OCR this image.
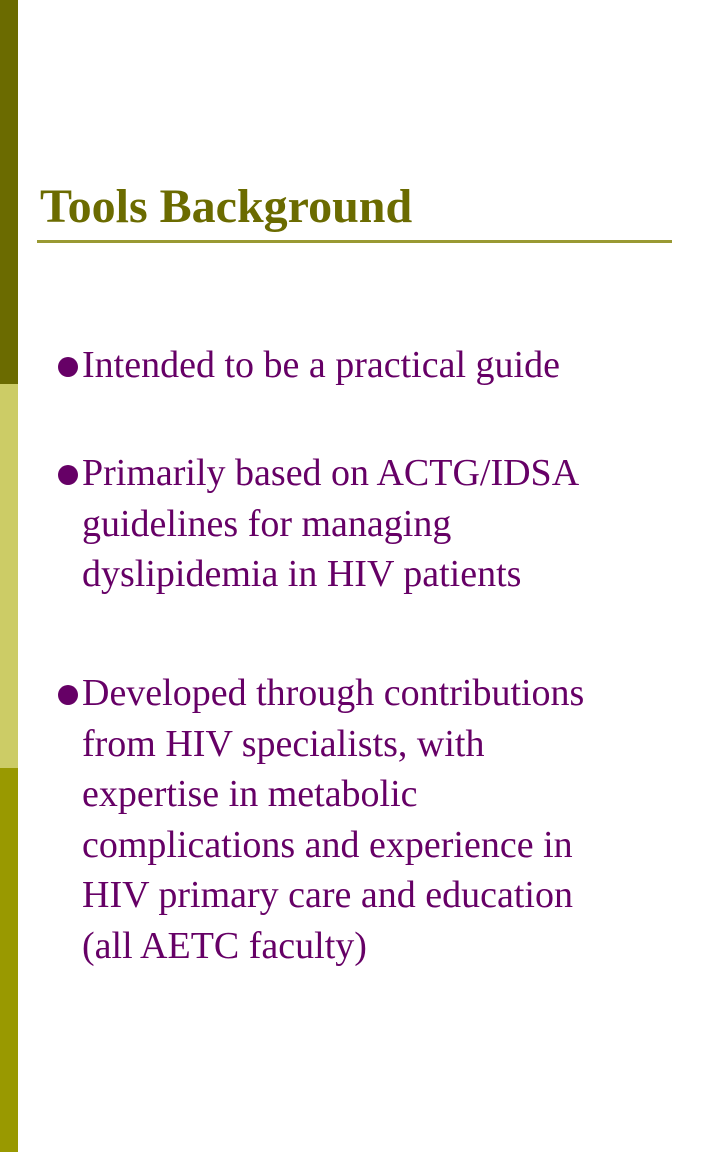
Tools Background
Intended to be a practical guide
Primarily based on ACTG/IDSA
guidelines for managing
dyslipidemia in HIV patients
Developed through contributions
from HIV specialists, with
expertise in metabolic
complications and experience in
HIV primary care and education
(all AETC faculty)
